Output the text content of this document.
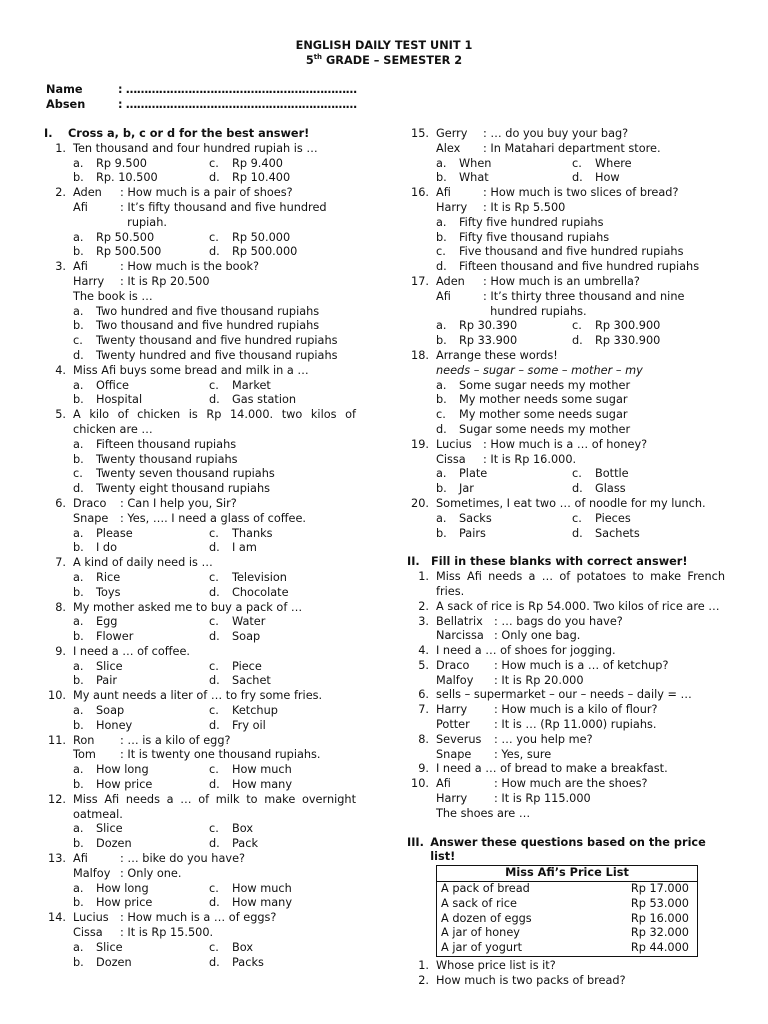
ENGLISH DAILY TEST UNIT 1
5th GRADE – SEMESTER 2
Name	: ………………………………………………………
Absen	: ………………………………………………………
I.	Cross a, b, c or d for the best answer!
1. Ten thousand and four hundred rupiah is …
a.	Rp 9.500	c.	Rp 9.400
b.	Rp. 10.500	d.	Rp 10.400
2. Aden	: How much is a pair of shoes?
Afi	: It’s fifty thousand and five hundred
rupiah.
a.	Rp 50.500	c.	Rp 50.000
b.	Rp 500.500	d.	Rp 500.000
3. Afi	: How much is the book?
Harry	: It is Rp 20.500
The book is …
a.	Two hundred and five thousand rupiahs
b.	Two thousand and five hundred rupiahs
c.	Twenty thousand and five hundred rupiahs
d.	Twenty hundred and five thousand rupiahs
4. Miss Afi buys some bread and milk in a …
a.	Office	c.	Market
b.	Hospital	d.	Gas station
5. A kilo of chicken is Rp 14.000. two kilos of chicken are …
a.	Fifteen thousand rupiahs
b.	Twenty thousand rupiahs
c.	Twenty seven thousand rupiahs
d.	Twenty eight thousand rupiahs
6. Draco	: Can I help you, Sir?
Snape	: Yes, …. I need a glass of coffee.
a.	Please	c.	Thanks
b.	I do	d.	I am
7. A kind of daily need is …
a.	Rice	c.	Television
b.	Toys	d.	Chocolate
8. My mother asked me to buy a pack of …
a.	Egg	c.	Water
b.	Flower	d.	Soap
9. I need a … of coffee.
a.	Slice	c.	Piece
b.	Pair	d.	Sachet
10. My aunt needs a liter of … to fry some fries.
a.	Soap	c.	Ketchup
b.	Honey	d.	Fry oil
11. Ron	: … is a kilo of egg?
Tom	: It is twenty one thousand rupiahs.
a.	How long	c.	How much
b.	How price	d.	How many
12. Miss Afi needs a … of milk to make overnight oatmeal.
a.	Slice	c.	Box
b.	Dozen	d.	Pack
13. Afi	: … bike do you have?
Malfoy : Only one.
a.	How long	c.	How much
b.	How price	d.	How many
14. Lucius	: How much is a … of eggs?
Cissa	: It is Rp 15.500.
a.	Slice	c.	Box
b.	Dozen	d.	Packs
15. Gerry	: … do you buy your bag?
Alex	: In Matahari department store.
a.	When	c.	Where
b.	What	d.	How
16. Afi	: How much is two slices of bread?
Harry	: It is Rp 5.500
a.	Fifty five hundred rupiahs
b.	Fifty five thousand rupiahs
c.	Five thousand and five hundred rupiahs
d.	Fifteen thousand and five hundred rupiahs
17. Aden	: How much is an umbrella?
Afi	: It’s thirty three thousand and nine
hundred rupiahs.
a.	Rp 30.390	c.	Rp 300.900
b.	Rp 33.900	d.	Rp 330.900
18. Arrange these words!
needs – sugar – some – mother – my
a.	Some sugar needs my mother
b.	My mother needs some sugar
c.	My mother some needs sugar
d.	Sugar some needs my mother
19. Lucius	: How much is a … of honey?
Cissa	: It is Rp 16.000.
a.	Plate	c.	Bottle
b.	Jar	d.	Glass
20. Sometimes, I eat two … of noodle for my lunch.
a.	Sacks	c.	Pieces
b.	Pairs	d.	Sachets
II. Fill in these blanks with correct answer!
1. Miss Afi needs a … of potatoes to make French fries.
2. A sack of rice is Rp 54.000. Two kilos of rice are …
3. Bellatrix : … bags do you have?
Narcissa : Only one bag.
4. I need a … of shoes for jogging.
5. Draco	: How much is a … of ketchup?
Malfoy	: It is Rp 20.000
6. sells – supermarket – our – needs – daily = …
7. Harry	: How much is a kilo of flour?
Potter	: It is … (Rp 11.000) rupiahs.
8. Severus	: … you help me?
Snape	: Yes, sure
9. I need a … of bread to make a breakfast.
10. Afi	: How much are the shoes?
Harry	: It is Rp 115.000
The shoes are …
III. Answer these questions based on the price list!
Miss Afi’s Price List
A pack of bread	Rp 17.000
A sack of rice	Rp 53.000
A dozen of eggs	Rp 16.000
A jar of honey	Rp 32.000
A jar of yogurt	Rp 44.000
1. Whose price list is it?
2. How much is two packs of bread?
